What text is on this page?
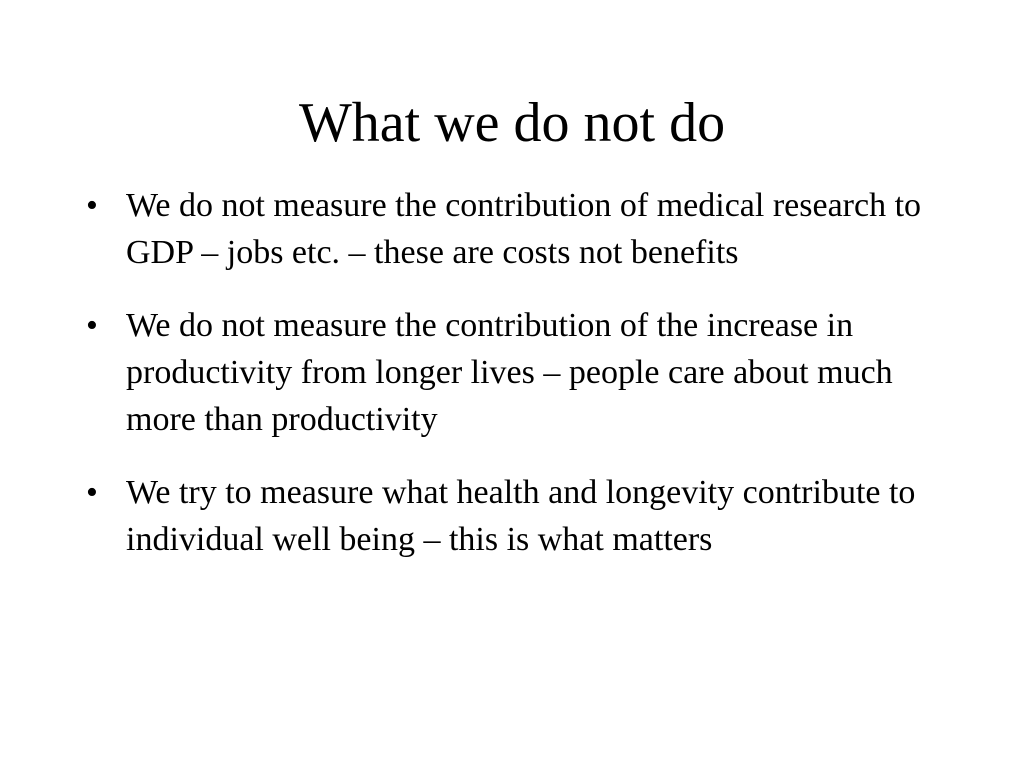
What we do not do
• We do not measure the contribution of medical research to GDP – jobs etc. – these are costs not benefits
• We do not measure the contribution of the increase in productivity from longer lives – people care about much more than productivity
• We try to measure what health and longevity contribute to individual well being – this is what matters
